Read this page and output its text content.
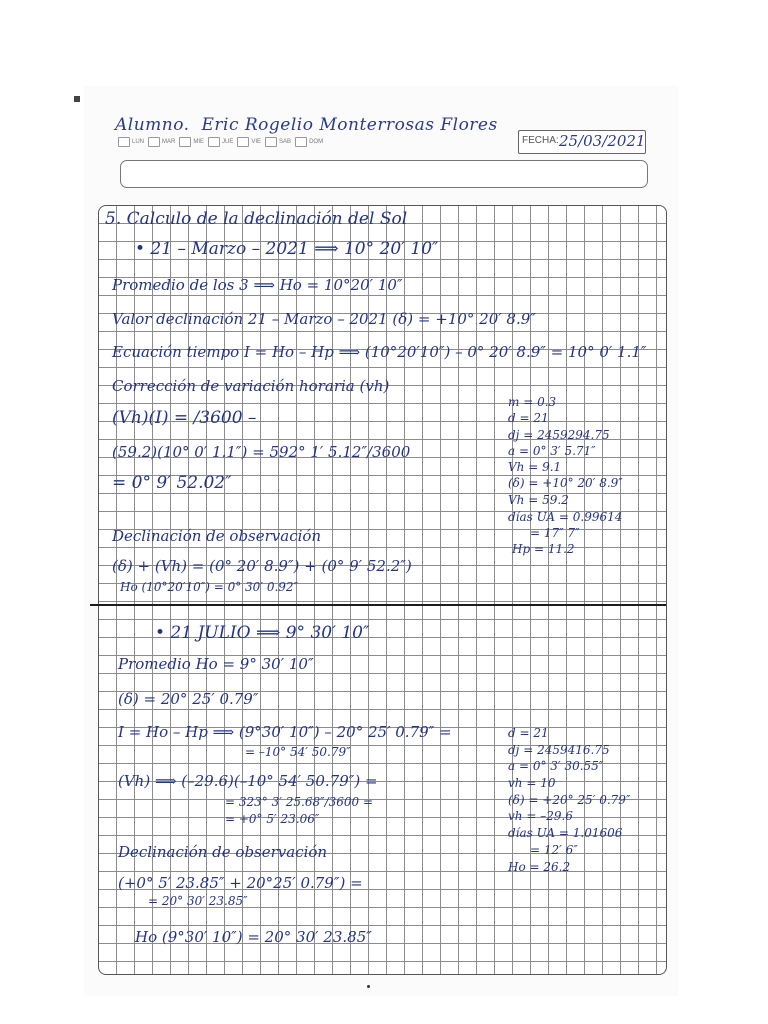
Alumno. Eric Rogelio Monterrosas Flores
LUN	MAR	MIE	JUE	VIE	SAB	DOM	FECHA: 25/03/2021
5. Calculo de la declinación del Sol
• 21 – Marzo – 2021 ⟹ 10° 20′ 10″
Promedio de los 3 ⟹ Ho = 10°20′ 10″
Valor declinación 21 – Marzo – 2021 (δ) = +10° 20′ 8.9″
Ecuación tiempo I = Ho – Hp ⟹ (10°20′10″) – 0° 20′ 8.9″ = 10° 0′ 1.1″
Corrección de variación horaria (vh)
(Vh)(I) = /3600 –
(59.2)(10° 0′ 1.1″) = 592° 1′ 5.12″/3600
= 0° 9′ 52.02″
Declinación de observación
(δ) + (Vh) = (0° 20′ 8.9″) + (0° 9′ 52.2″)
Ho (10°20′10″) = 0° 30′ 0.92″
m = 0.3
d = 21
dj = 2459294.75
a = 0° 3′ 5.71″
Vh = 9.1
(δ) = +10° 20′ 8.9″
Vh = 59.2
días UA = 0.99614
= 17″ 7″
Hp = 11.2
• 21 JULIO ⟹ 9° 30′ 10″
Promedio Ho = 9° 30′ 10″
(δ) = 20° 25′ 0.79″
I = Ho – Hp ⟹ (9°30′ 10″) – 20° 25′ 0.79″ =
= –10° 54′ 50.79″
(Vh) ⟹ (–29.6)(–10° 54′ 50.79″) =
= 323° 3′ 25.68″/3600 =
= +0° 5′ 23.06″
Declinación de observación
(+0° 5′ 23.85″ + 20°25′ 0.79″) =
= 20° 30′ 23.85″
Ho (9°30′ 10″) = 20° 30′ 23.85″
d = 21
dj = 2459416.75
a = 0° 3′ 30.55″
vh = 10
(δ) = +20° 25′ 0.79″
vh = –29.6
días UA = 1.01606
= 12′ 6″
Ho = 26.2
